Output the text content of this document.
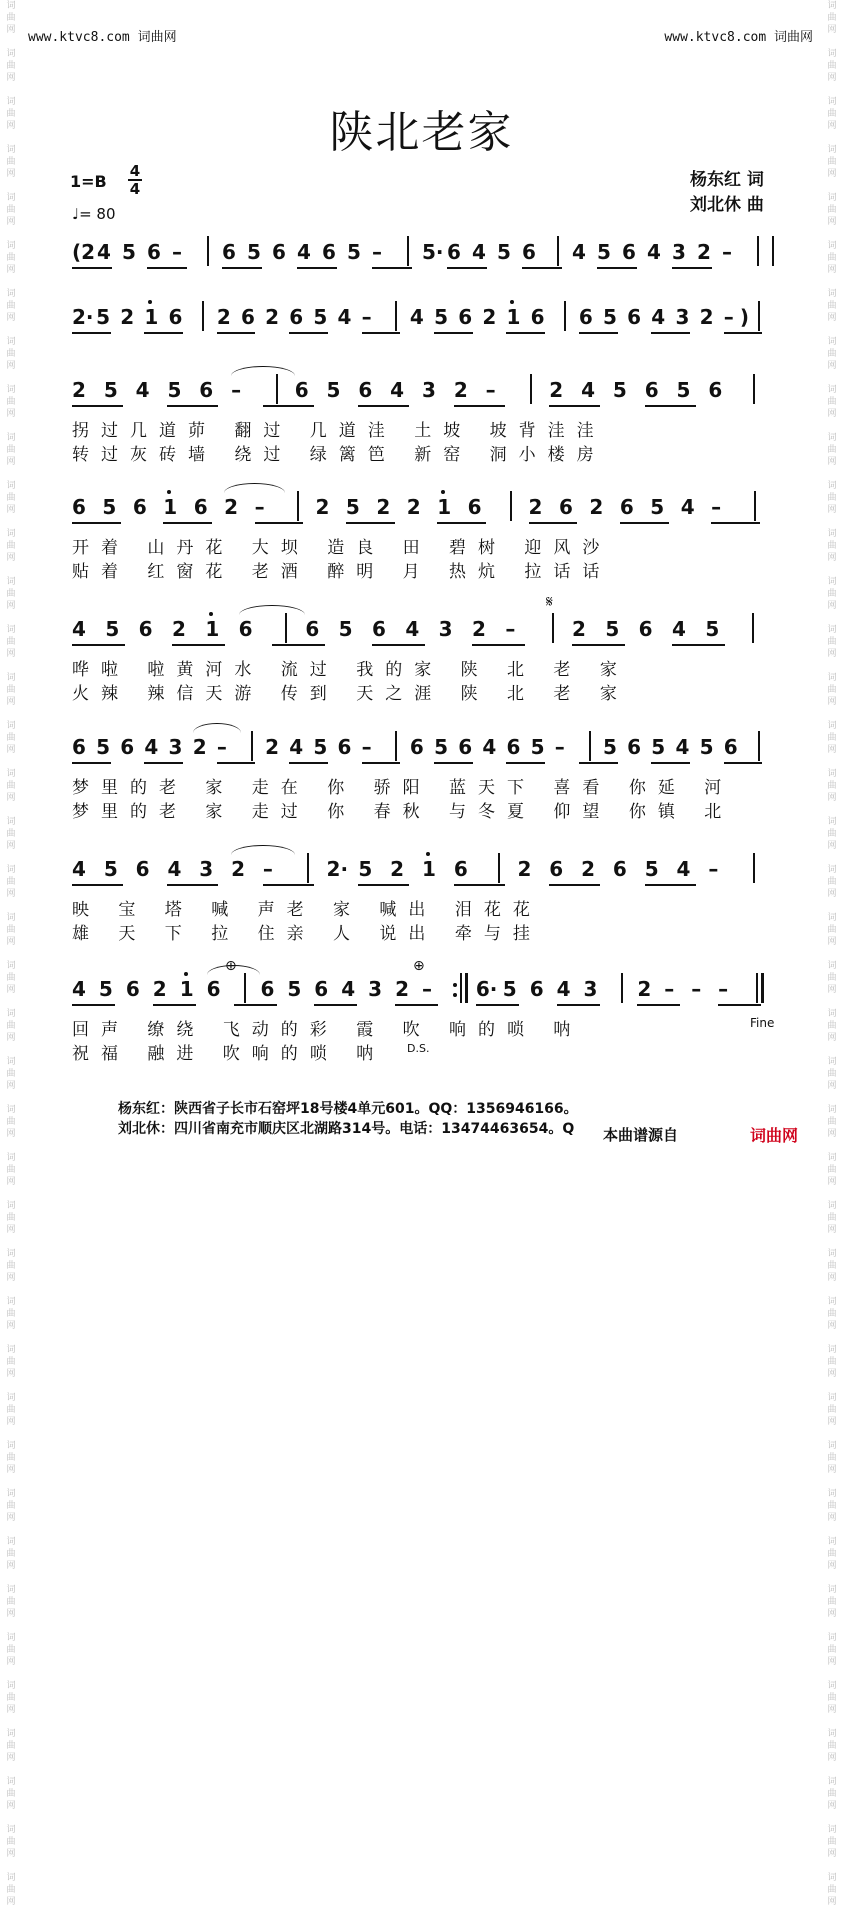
词
曲
网

词
曲
网

词
曲
网

词
曲
网

词
曲
网

词
曲
网

词
曲
网

词
曲
网

词
曲
网

词
曲
网

词
曲
网

词
曲
网

词
曲
网

词
曲
网

词
曲
网

词
曲
网

词
曲
网

词
曲
网

词
曲
网

词
曲
网

词
曲
网

词
曲
网

词
曲
网

词
曲
网

词
曲
网

词
曲
网

词
曲
网

词
曲
网

词
曲
网

词
曲
网

词
曲
网

词
曲
网

词
曲
网

词
曲
网

词
曲
网

词
曲
网

词
曲
网

词
曲
网

词
曲
网

词
曲
网

词
曲
网

词
曲
网

词
曲
网

词
曲
网

词
曲
网

词
曲
网

词
曲
网

词
曲
网

词
曲
网

词
曲
网

词
曲
网

词
曲
网

词
曲
网

词
曲
网

词
曲
网

词
曲
网

词
曲
网

词
曲
网

词
曲
网

词
曲
网

词
曲
网

词
曲
网

词
曲
网

词
曲
网

词
曲
网

词
曲
网

词
曲
网

词
曲
网

词
曲
网

词
曲
网

词
曲
网

词
曲
网

词
曲
网

词
曲
网

词
曲
网

词
曲
网

词
曲
网

词
曲
网

词
曲
网

词
曲
网

www.ktvc8.com 词曲网	www.ktvc8.com 词曲网
陕北老家
1=B
4
4
♩= 80
杨东红 词
刘北休 曲
(2 4 5 6 – 6 5 6 4 6 5 – 5· 6 4 5 6 4 5 6 4 3 2 –
2· 5 2 1 6 2 6 2 6 5 4 – 4 5 6 2 1 6 6 5 6 4 3 2 – )
2 5 4 5 6 –	6 5 6 4 3 2 –	2 4 5 6 5 6
拐过几道茆 翻过 几道洼 土坡 坡背洼洼
转过灰砖墙 绕过 绿篱笆 新窑 洞小楼房
6 5 6 1 6 2 –	2 5 2 2 1 6 2 6 2 6 5 4 –
开着 山丹花 大坝 造良 田 碧树 迎风沙
贴着 红窗花 老酒 醉明 月 热炕 拉话话
4 5 6 2 1 6	6 5 6 4 3 2 –	2 5 6 4 5
哗啦 啦黄河水 流过 我的家 陕 北 老 家
火辣 辣信天游 传到 天之涯 陕 北 老 家
6 5 6 4 3 2 – 2 4 5 6 – 6 5 6 4 6 5 – 5 6 5 4 5 6
梦里的老 家 走在 你 骄阳 蓝天下 喜看 你延 河
梦里的老 家 走过 你 春秋 与冬夏 仰望 你镇 北
4 5 6 4 3 2 –	2· 5 2 1 6 2 6 2 6 5 4 –
映 宝 塔 喊 声老 家 喊出 泪花花
雄 天 下 拉 住亲 人 说出 牵与挂
4 5 6 2 1 6 6 5 6 4 3 2 – 6· 5 6 4 3 2 – – –
回声 缭绕 飞动的彩 霞 吹 响的唢 呐
祝福 融进 吹响的唢 呐
𝄋
⊕	⊕
Fine
D.S.
杨东红：陕西省子长市石窑坪18号楼4单元601。QQ：1356946166。
刘北休：四川省南充市顺庆区北湖路314号。电话：13474463654。Q 本曲谱源自	词曲网
